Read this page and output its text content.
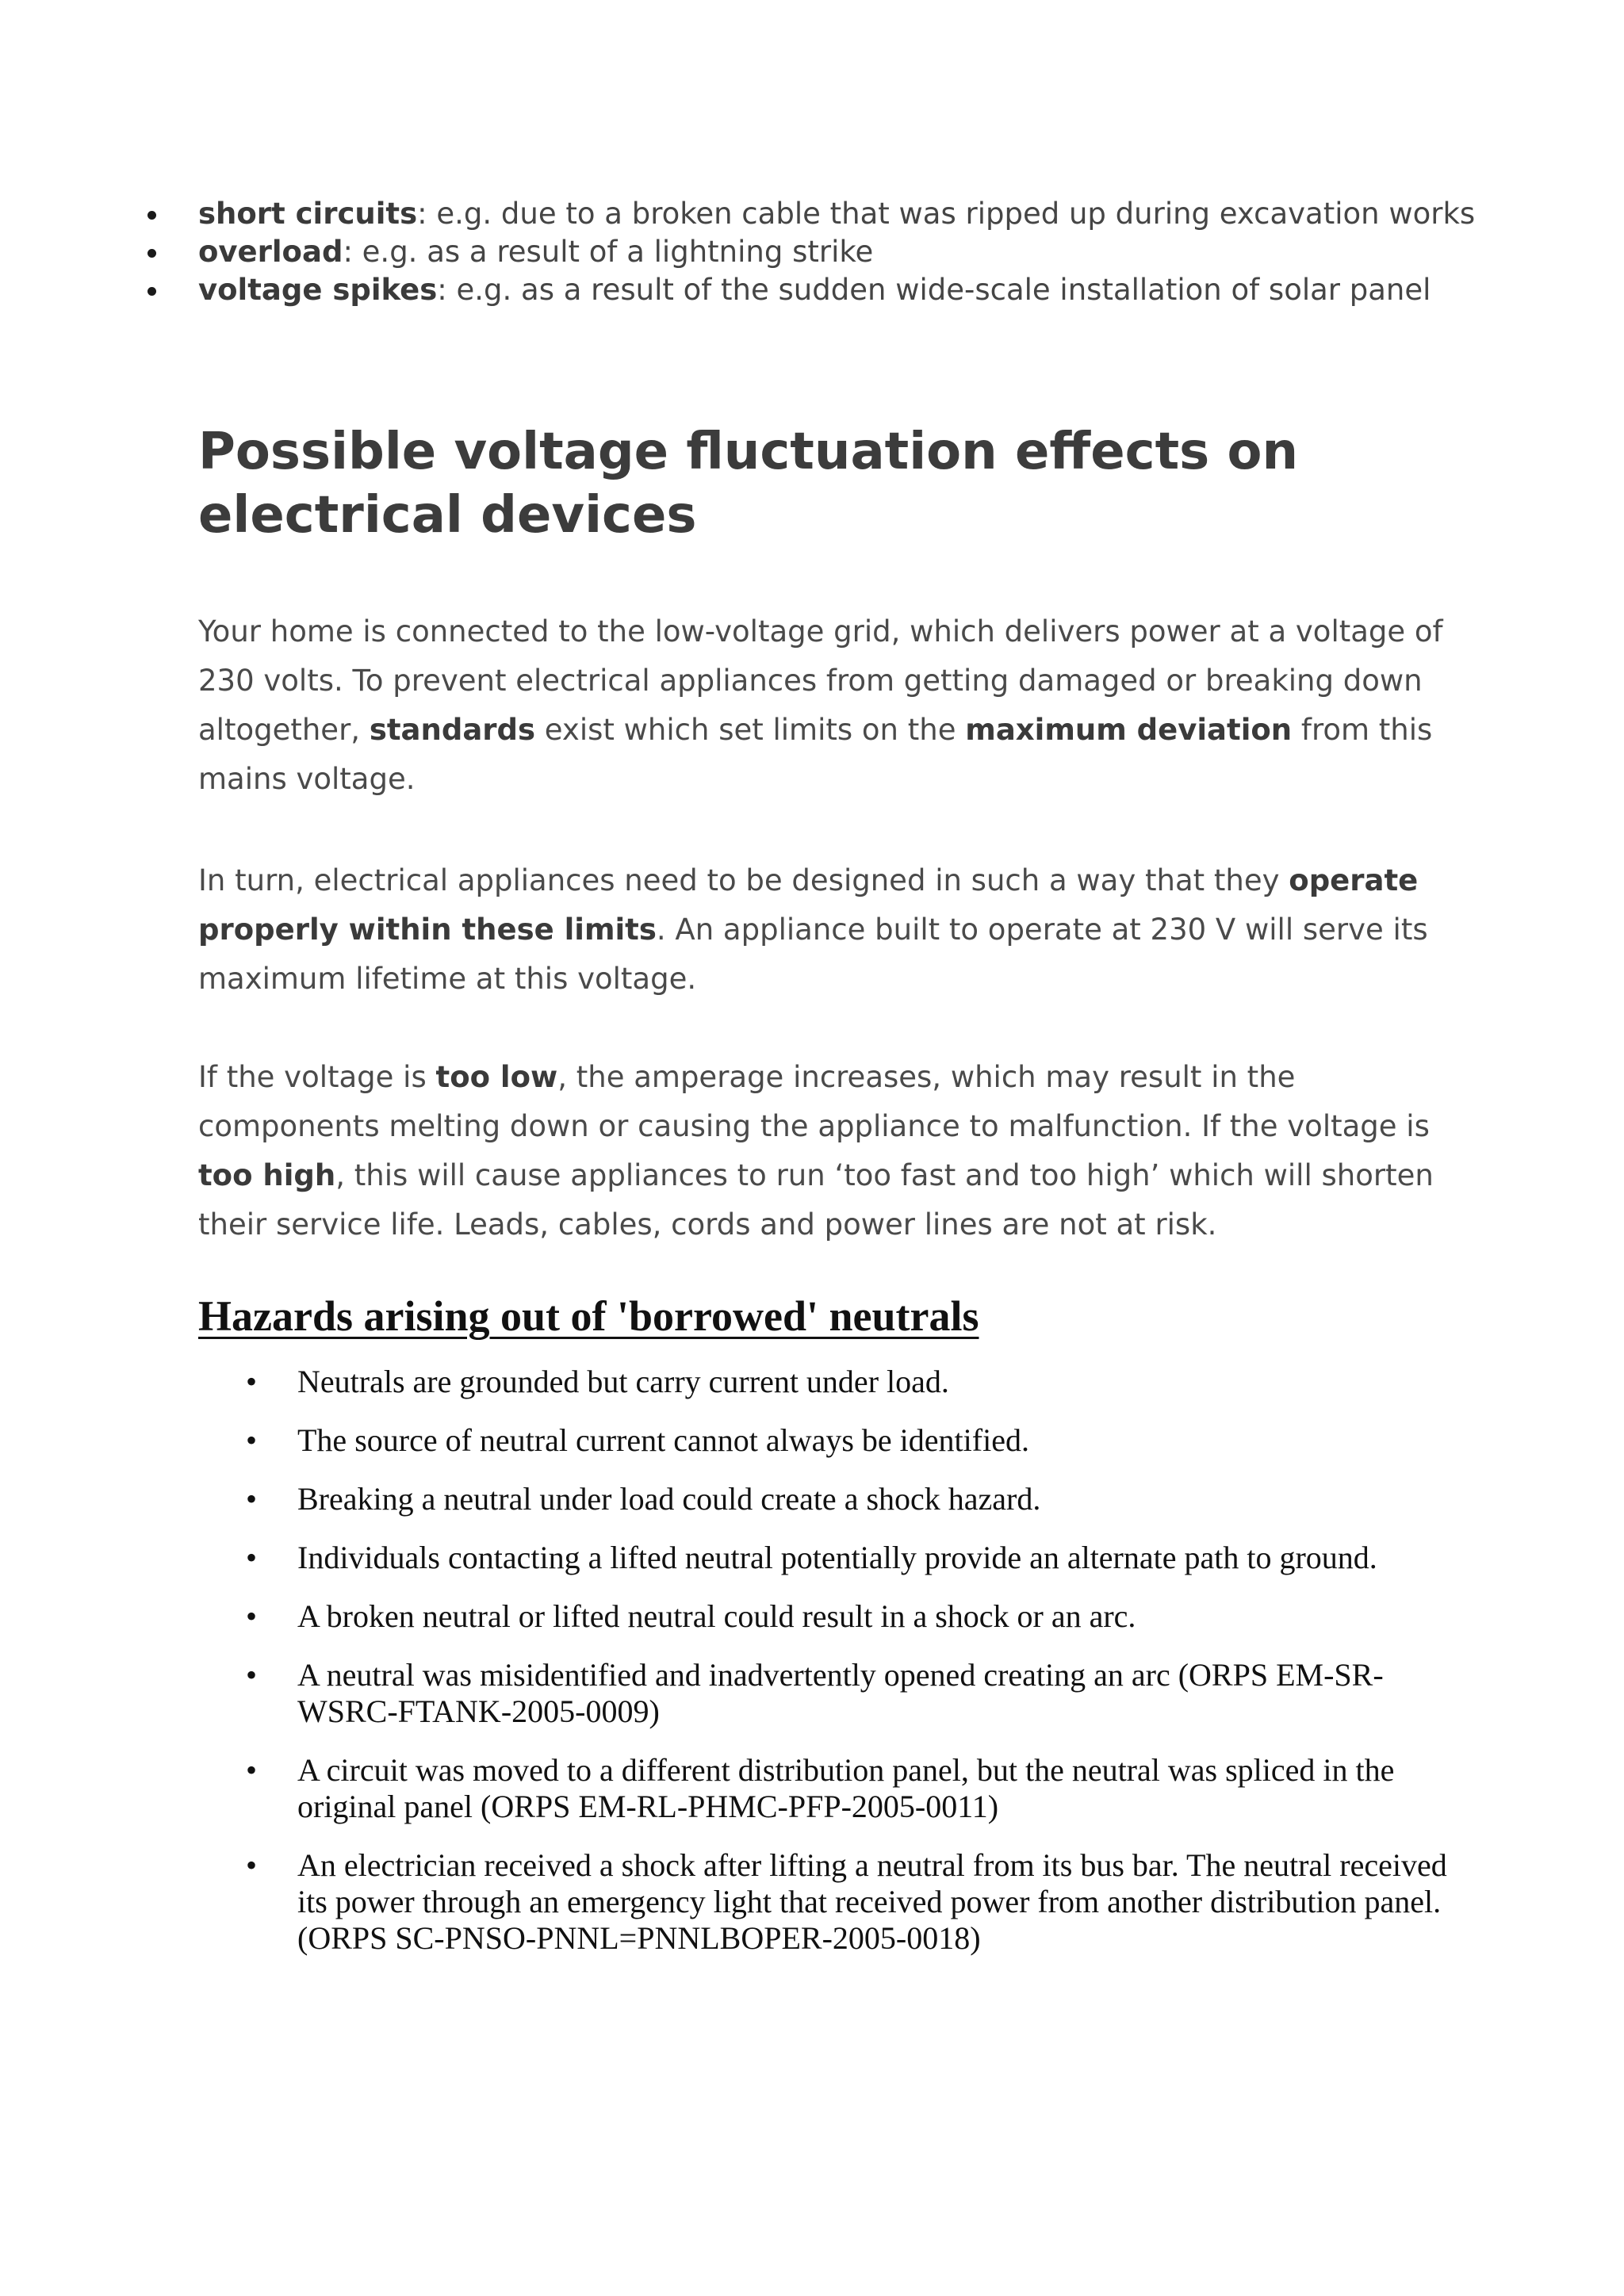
short circuits: e.g. due to a broken cable that was ripped up during excavation works
overload: e.g. as a result of a lightning strike
voltage spikes: e.g. as a result of the sudden wide-scale installation of solar panel
Possible voltage fluctuation effects on electrical devices

Your home is connected to the low-voltage grid, which delivers power at a voltage of 230 volts. To prevent electrical appliances from getting damaged or breaking down altogether, standards exist which set limits on the maximum deviation from this mains voltage.

In turn, electrical appliances need to be designed in such a way that they operate properly within these limits. An appliance built to operate at 230 V will serve its maximum lifetime at this voltage.

If the voltage is too low, the amperage increases, which may result in the components melting down or causing the appliance to malfunction. If the voltage is too high, this will cause appliances to run ‘too fast and too high’ which will shorten their service life. Leads, cables, cords and power lines are not at risk.

Hazards arising out of 'borrowed' neutrals
• Neutrals are grounded but carry current under load.
• The source of neutral current cannot always be identified.
• Breaking a neutral under load could create a shock hazard.
• Individuals contacting a lifted neutral potentially provide an alternate path to ground.
• A broken neutral or lifted neutral could result in a shock or an arc.
• A neutral was misidentified and inadvertently opened creating an arc (ORPS EM-SR-WSRC-FTANK-2005-0009)
• A circuit was moved to a different distribution panel, but the neutral was spliced in the original panel (ORPS EM-RL-PHMC-PFP-2005-0011)
• An electrician received a shock after lifting a neutral from its bus bar. The neutral received its power through an emergency light that received power from another distribution panel. (ORPS SC-PNSO-PNNL=PNNLBOPER-2005-0018)
